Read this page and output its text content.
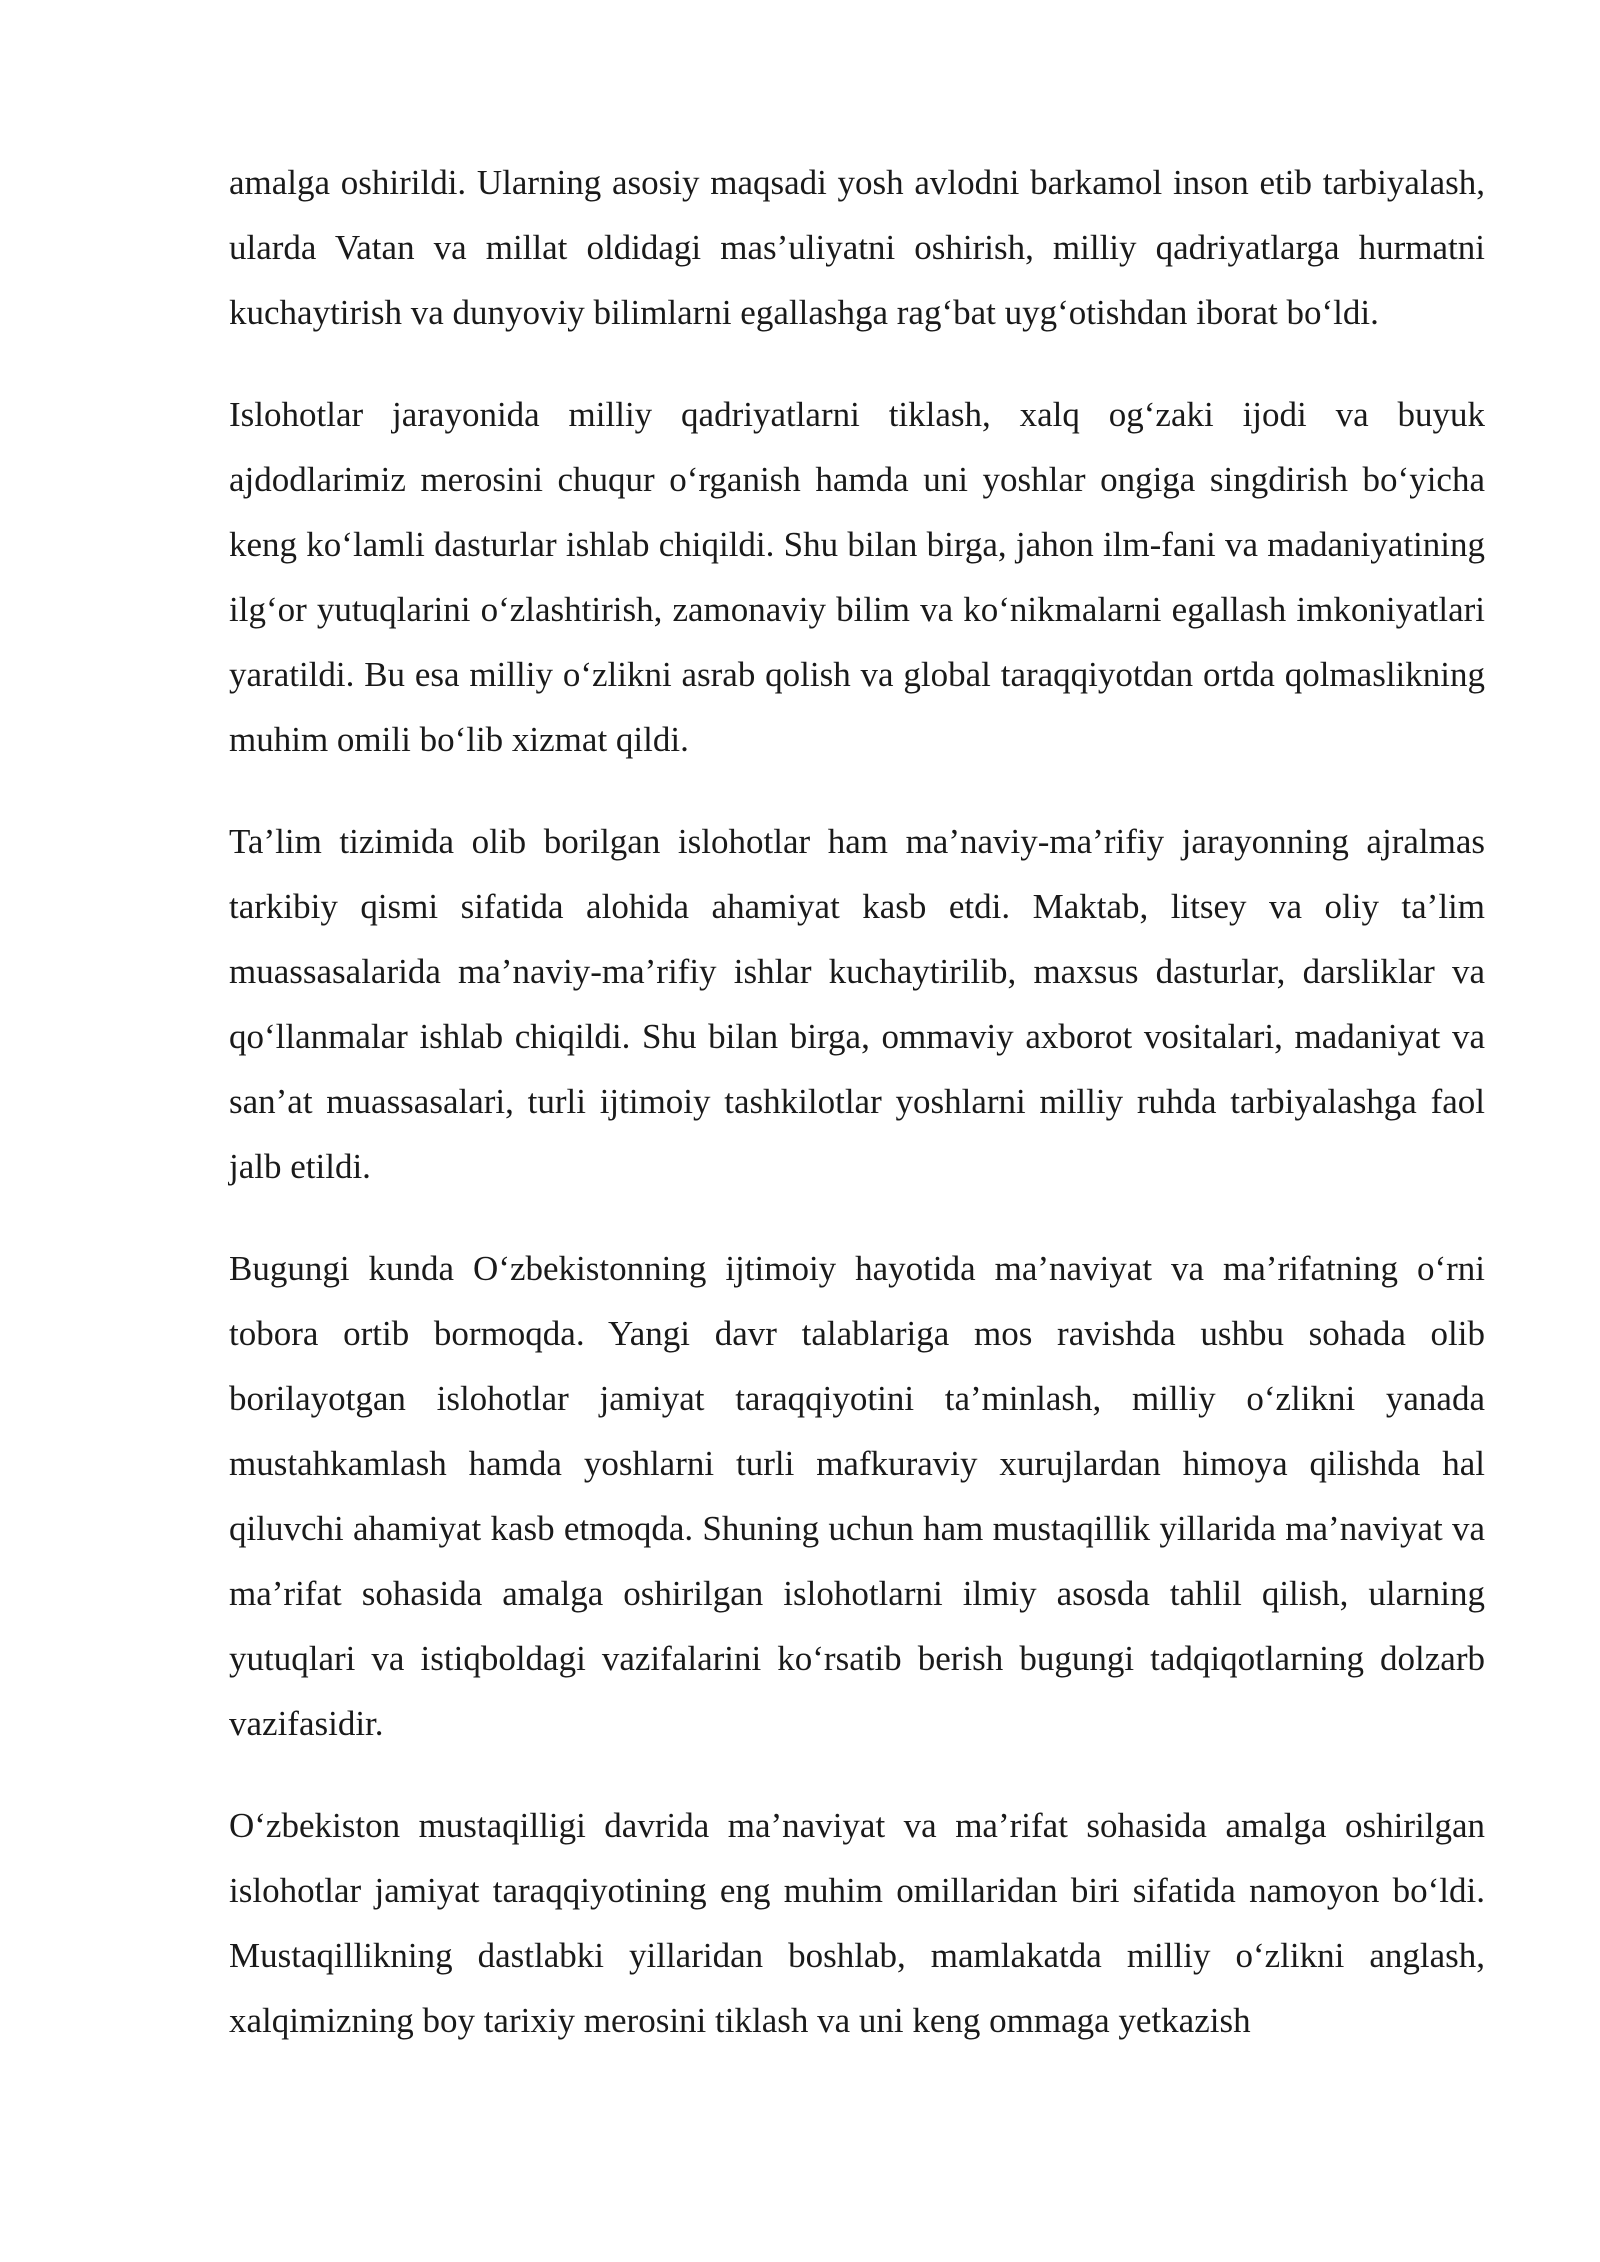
amalga oshirildi. Ularning asosiy maqsadi yosh avlodni barkamol inson etib tarbiyalash, ularda Vatan va millat oldidagi mas’uliyatni oshirish, milliy qadriyatlarga hurmatni kuchaytirish va dunyoviy bilimlarni egallashga rag‘bat uyg‘otishdan iborat bo‘ldi.

Islohotlar jarayonida milliy qadriyatlarni tiklash, xalq og‘zaki ijodi va buyuk ajdodlarimiz merosini chuqur o‘rganish hamda uni yoshlar ongiga singdirish bo‘yicha keng ko‘lamli dasturlar ishlab chiqildi. Shu bilan birga, jahon ilm-fani va madaniyatining ilg‘or yutuqlarini o‘zlashtirish, zamonaviy bilim va ko‘nikmalarni egallash imkoniyatlari yaratildi. Bu esa milliy o‘zlikni asrab qolish va global taraqqiyotdan ortda qolmaslikning muhim omili bo‘lib xizmat qildi.

Ta’lim tizimida olib borilgan islohotlar ham ma’naviy-ma’rifiy jarayonning ajralmas tarkibiy qismi sifatida alohida ahamiyat kasb etdi. Maktab, litsey va oliy ta’lim muassasalarida ma’naviy-ma’rifiy ishlar kuchaytirilib, maxsus dasturlar, darsliklar va qo‘llanmalar ishlab chiqildi. Shu bilan birga, ommaviy axborot vositalari, madaniyat va san’at muassasalari, turli ijtimoiy tashkilotlar yoshlarni milliy ruhda tarbiyalashga faol jalb etildi.

Bugungi kunda O‘zbekistonning ijtimoiy hayotida ma’naviyat va ma’rifatning o‘rni tobora ortib bormoqda. Yangi davr talablariga mos ravishda ushbu sohada olib borilayotgan islohotlar jamiyat taraqqiyotini ta’minlash, milliy o‘zlikni yanada mustahkamlash hamda yoshlarni turli mafkuraviy xurujlardan himoya qilishda hal qiluvchi ahamiyat kasb etmoqda. Shuning uchun ham mustaqillik yillarida ma’naviyat va ma’rifat sohasida amalga oshirilgan islohotlarni ilmiy asosda tahlil qilish, ularning yutuqlari va istiqboldagi vazifalarini ko‘rsatib berish bugungi tadqiqotlarning dolzarb vazifasidir.

O‘zbekiston mustaqilligi davrida ma’naviyat va ma’rifat sohasida amalga oshirilgan islohotlar jamiyat taraqqiyotining eng muhim omillaridan biri sifatida namoyon bo‘ldi. Mustaqillikning dastlabki yillaridan boshlab, mamlakatda milliy o‘zlikni anglash, xalqimizning boy tarixiy merosini tiklash va uni keng ommaga yetkazish
